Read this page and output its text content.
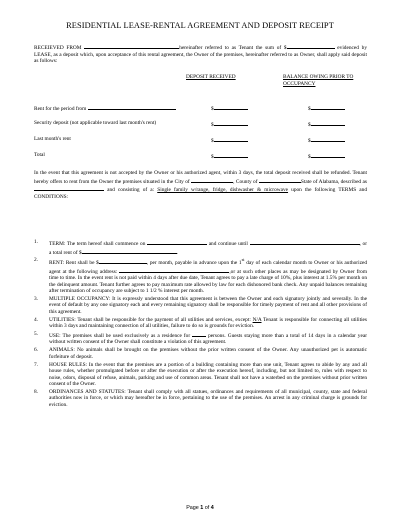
RESIDENTIAL LEASE-RENTAL AGREEMENT AND DEPOSIT RECEIPT
RECEIEVED FROM	hereinafter referred to as Tenant the sum of $	evidenced by LEASE, as a deposit which, upon acceptance of this rental agreement, the Owner of the premises, hereinafter referred to as Owner, shall apply said deposit as follows:
DEPOSIT RECEIVED	BALANCE OWING PRIOR TO OCCUPANCY
Rent for the period from	$	$
Security deposit (not applicable toward last month's rent)	$	$
Last month's rent	$	$
Total	$	$
In the event that this agreement is not accepted by the Owner or his authorized agent, within 3 days, the total deposit received shall be refunded. Tenant hereby offers to rent from the Owner the premises situated in the City of	, County of	State of Alabama, described as  and consisting of a: Single family w/range, fridge, dishwasher & microwave upon the following TERMS and CONDITIONS:
1. TERM: The term hereof shall commence on	and continue until	, or a total rent of $	.
2. RENT: Rent shall be $	, per month, payable in advance upon the 1st day of each calendar month to Owner or his authorized agent at the following address:	,or at such other places as may be designated by Owner from time to time. In the event rent is not paid within 4 days after due date, Tenant agrees to pay a late charge of 10%, plus interest at 1.5% per month on the delinquent amount. Tenant further agrees to pay maximum rate allowed by law for each dishonored bank check. Any unpaid balances remaining after termination of occupancy are subject to 1 1/2 % interest per month.
3. MULTIPLE OCCUPANCY: It is expressly understood that this agreement is between the Owner and each signatory jointly and severally. In the event of default by any one signatory each and every remaining signatory shall be responsible for timely payment of rent and all other provisions of this agreement.
4. UTILITIES: Tenant shall be responsible for the payment of all utilities and services, except: N/A Tenant is responsible for connecting all utilities within 3 days and maintaining connection of all utilities, failure to do so is grounds for eviction.
5. USE: The premises shall be used exclusively as a residence for	persons. Guests staying more than a total of 14 days in a calendar year without written consent of the Owner shall constitute a violation of this agreement.
6. ANIMALS: No animals shall be brought on the premises without the prior written consent of the Owner. Any unauthorized pet is automatic forfeiture of deposit.
7. HOUSE RULES: In the event that the premises are a portion of a building containing more than one unit, Tenant agrees to abide by any and all house rules, whether promulgated before or after the execution or after the execution hereof, including, but not limited to, rules with respect to noise, odors, disposal of refuse, animals, parking and use of common areas. Tenant shall not have a waterbed on the premises without prior written consent of the Owner.
8. ORDINANCES AND STATUTES: Tenant shall comply with all statues, ordinances and requirements of all municipal, county, state and federal authorities now in force, or which may hereafter be in force, pertaining to the use of the premises. An arrest in any criminal charge is grounds for eviction.
Page 1 of 4
